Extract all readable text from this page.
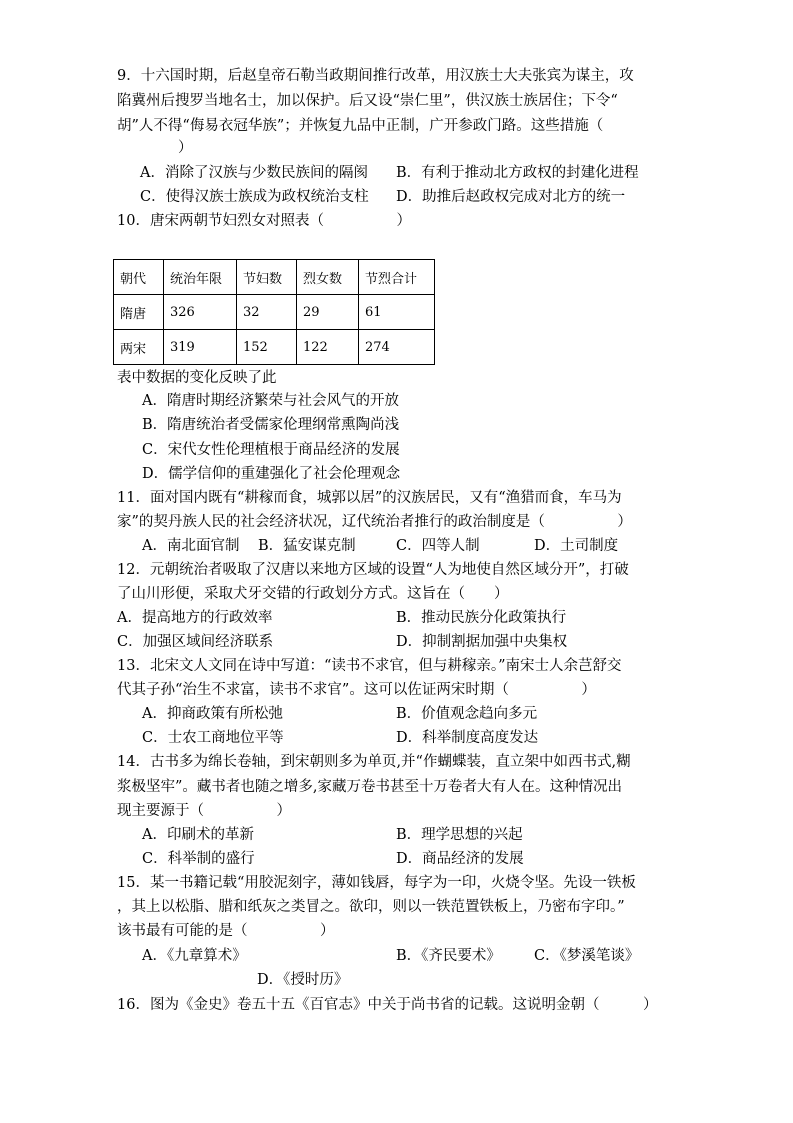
9．十六国时期，后赵皇帝石勒当政期间推行改革，用汉族士大夫张宾为谋主，攻
陷冀州后搜罗当地名士，加以保护。后又设“崇仁里”，供汉族士族居住；下令“
胡”人不得“侮易衣冠华族”；并恢复九品中正制，广开参政门路。这些措施（
）
A．消除了汉族与少数民族间的隔阂 B．有利于推动北方政权的封建化进程
C．使得汉族士族成为政权统治支柱 D．助推后赵政权完成对北方的统一
10．唐宋两朝节妇烈女对照表（　　　　　）
朝代	统治年限	节妇数	烈女数	节烈合计
隋唐	326	32	29	61
两宋	319	152	122	274
表中数据的变化反映了此
A．隋唐时期经济繁荣与社会风气的开放
B．隋唐统治者受儒家伦理纲常熏陶尚浅
C．宋代女性伦理植根于商品经济的发展
D．儒学信仰的重建强化了社会伦理观念
11．面对国内既有“耕稼而食，城郭以居”的汉族居民，又有“渔猎而食，车马为
家”的契丹族人民的社会经济状况，辽代统治者推行的政治制度是（　　　　　）
A．南北面官制 B．猛安谋克制	C．四等人制	D．土司制度
12．元朝统治者吸取了汉唐以来地方区域的设置“人为地使自然区域分开”，打破
了山川形便，采取犬牙交错的行政划分方式。这旨在（　　）
A．提高地方的行政效率	B．推动民族分化政策执行
C．加强区域间经济联系	D．抑制割据加强中央集权
13．北宋文人文同在诗中写道：“读书不求官，但与耕稼亲。”南宋士人余芑舒交
代其子孙“治生不求富，读书不求官”。这可以佐证两宋时期（　　　　　）
A．抑商政策有所松弛	B．价值观念趋向多元
C．士农工商地位平等	D．科举制度高度发达
14．古书多为绵长卷轴，到宋朝则多为单页,并“作蝴蝶装，直立架中如西书式,糊
浆极坚牢”。藏书者也随之增多,家藏万卷书甚至十万卷者大有人在。这种情况出
现主要源于（　　　　　）
A．印刷术的革新	B．理学思想的兴起
C．科举制的盛行	D．商品经济的发展
15．某一书籍记载“用胶泥刻字，薄如钱唇，每字为一印，火烧令坚。先设一铁板
，其上以松脂、腊和纸灰之类冒之。欲印，则以一铁范置铁板上，乃密布字印。”
该书最有可能的是（　　　　　）
A．《九章算术》	B．《齐民要术》 C．《梦溪笔谈》
D．《授时历》
16．图为《金史》卷五十五《百官志》中关于尚书省的记载。这说明金朝（　　　）
